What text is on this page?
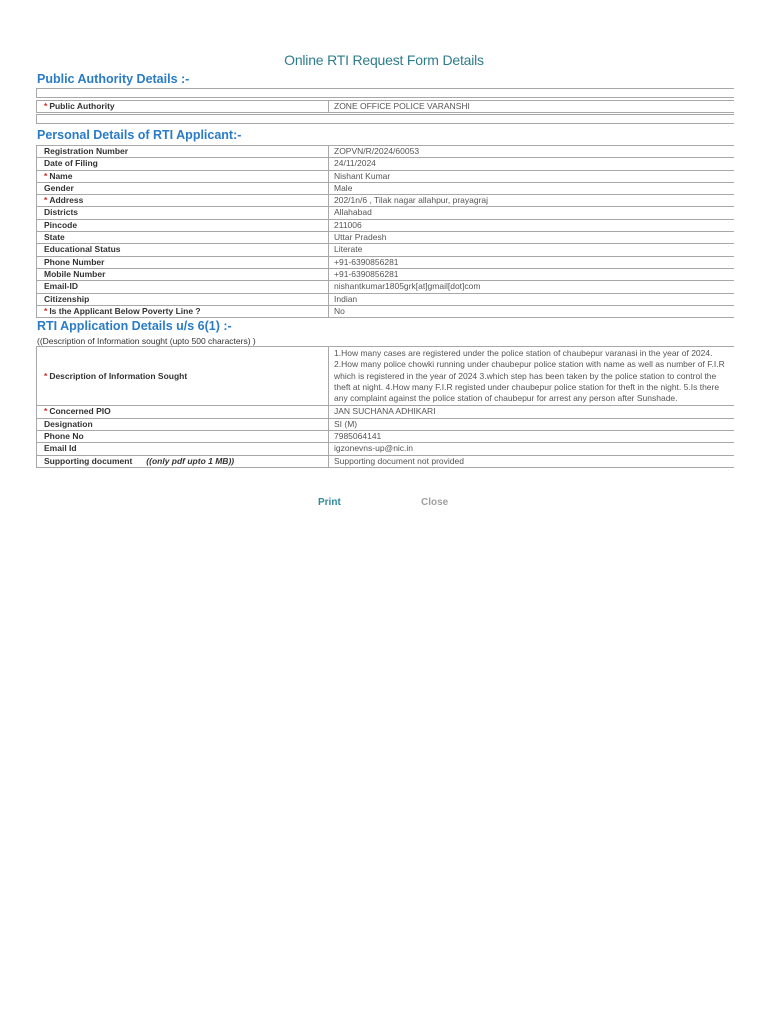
Online RTI Request Form Details
Public Authority Details :-
* Public Authority	ZONE OFFICE POLICE VARANSHI
Personal Details of RTI Applicant:-
Registration Number	ZOPVN/R/2024/60053
Date of Filing	24/11/2024
* Name	Nishant Kumar
Gender	Male
* Address	202/1n/6 , Tilak nagar allahpur, prayagraj
Districts	Allahabad
Pincode	211006
State	Uttar Pradesh
Educational Status	Literate
Phone Number	+91-6390856281
Mobile Number	+91-6390856281
Email-ID	nishantkumar1805grk[at]gmail[dot]com
Citizenship	Indian
* Is the Applicant Below Poverty Line ?	No
RTI Application Details u/s 6(1) :-
((Description of Information sought (upto 500 characters) )
* Description of Information Sought	1.How many cases are registered under the police station of chaubepur varanasi in the year of 2024. 2.How many police chowki running under chaubepur police station with name as well as number of F.I.R which is registered in the year of 2024 3.which step has been taken by the police station to control the theft at night. 4.How many F.I.R registed under chaubepur police station for theft in the night. 5.Is there any complaint against the police station of chaubepur for arrest any person after Sunshade.
* Concerned PIO	JAN SUCHANA ADHIKARI
Designation	SI (M)
Phone No	7985064141
Email Id	igzonevns-up@nic.in
Supporting document ((only pdf upto 1 MB))	Supporting document not provided
Print	Close
